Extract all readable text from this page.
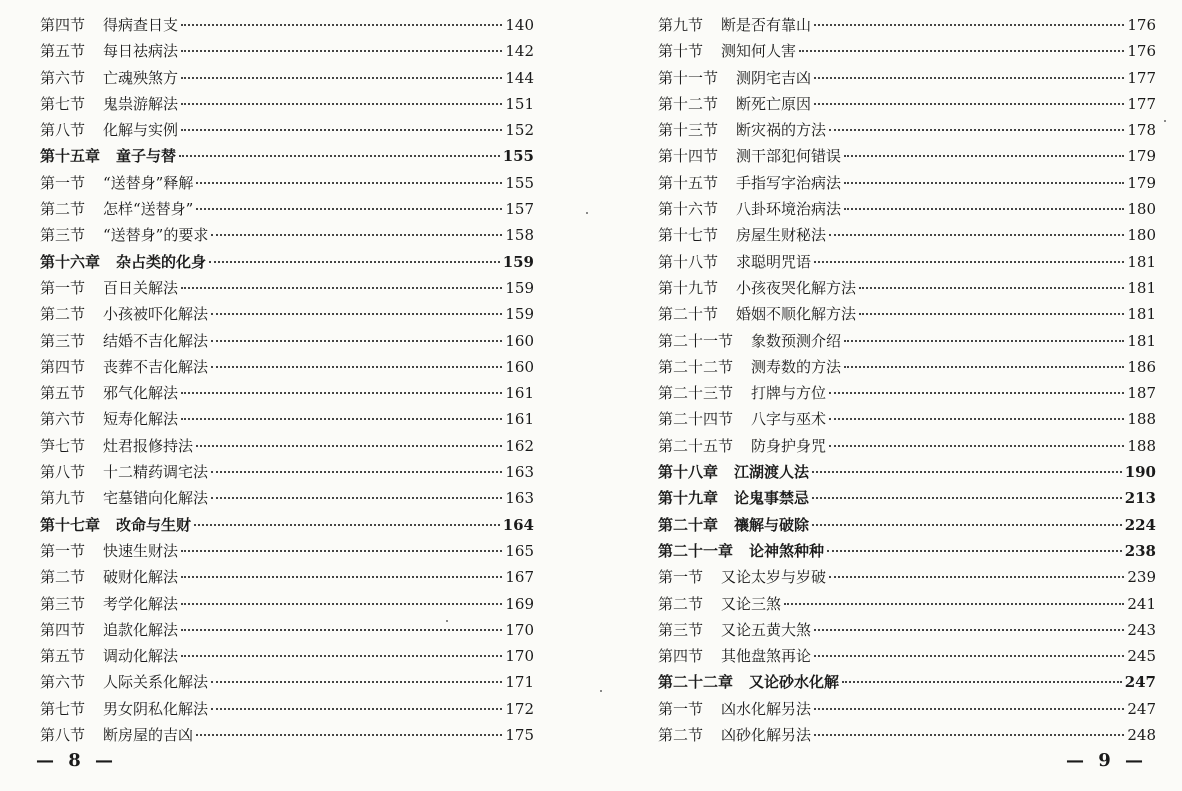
第四节 得病查日支	140
第五节 每日祛病法	142
第六节 亡魂殃煞方	144
第七节 鬼祟游解法	151
第八节 化解与实例	152
第十五章 童子与替	155
第一节 “送替身”释解	155
第二节 怎样“送替身”	157
第三节 “送替身”的要求	158
第十六章 杂占类的化身	159
第一节 百日关解法	159
第二节 小孩被吓化解法	159
第三节 结婚不吉化解法	160
第四节 丧葬不吉化解法	160
第五节 邪气化解法	161
第六节 短寿化解法	161
笋七节 灶君报修持法	162
第八节 十二精药调宅法	163
第九节 宅墓错向化解法	163
第十七章 改命与生财	164
第一节 快速生财法	165
第二节 破财化解法	167
第三节 考学化解法	169
第四节 追款化解法	170
第五节 调动化解法	170
第六节 人际关系化解法	171
第七节 男女阴私化解法	172
第八节 断房屋的吉凶	175
— 8 —
第九节 断是否有靠山	176
第十节 测知何人害	176
第十一节 测阴宅吉凶	177
第十二节 断死亡原因	177
第十三节 断灾祸的方法	178
第十四节 测干部犯何错误	179
第十五节 手指写字治病法	179
第十六节 八卦环境治病法	180
第十七节 房屋生财秘法	180
第十八节 求聪明咒语	181
第十九节 小孩夜哭化解方法	181
第二十节 婚姻不顺化解方法	181
第二十一节 象数预测介绍	181
第二十二节 测寿数的方法	186
第二十三节 打牌与方位	187
第二十四节 八字与巫术	188
第二十五节 防身护身咒	188
第十八章 江湖渡人法	190
第十九章 论鬼事禁忌	213
第二十章 禳解与破除	224
第二十一章 论神煞种种	238
第一节 又论太岁与岁破	239
第二节 又论三煞	241
第三节 又论五黄大煞	243
第四节 其他盘煞再论	245
第二十二章 又论砂水化解	247
第一节 凶水化解另法	247
第二节 凶砂化解另法	248
— 9 —
